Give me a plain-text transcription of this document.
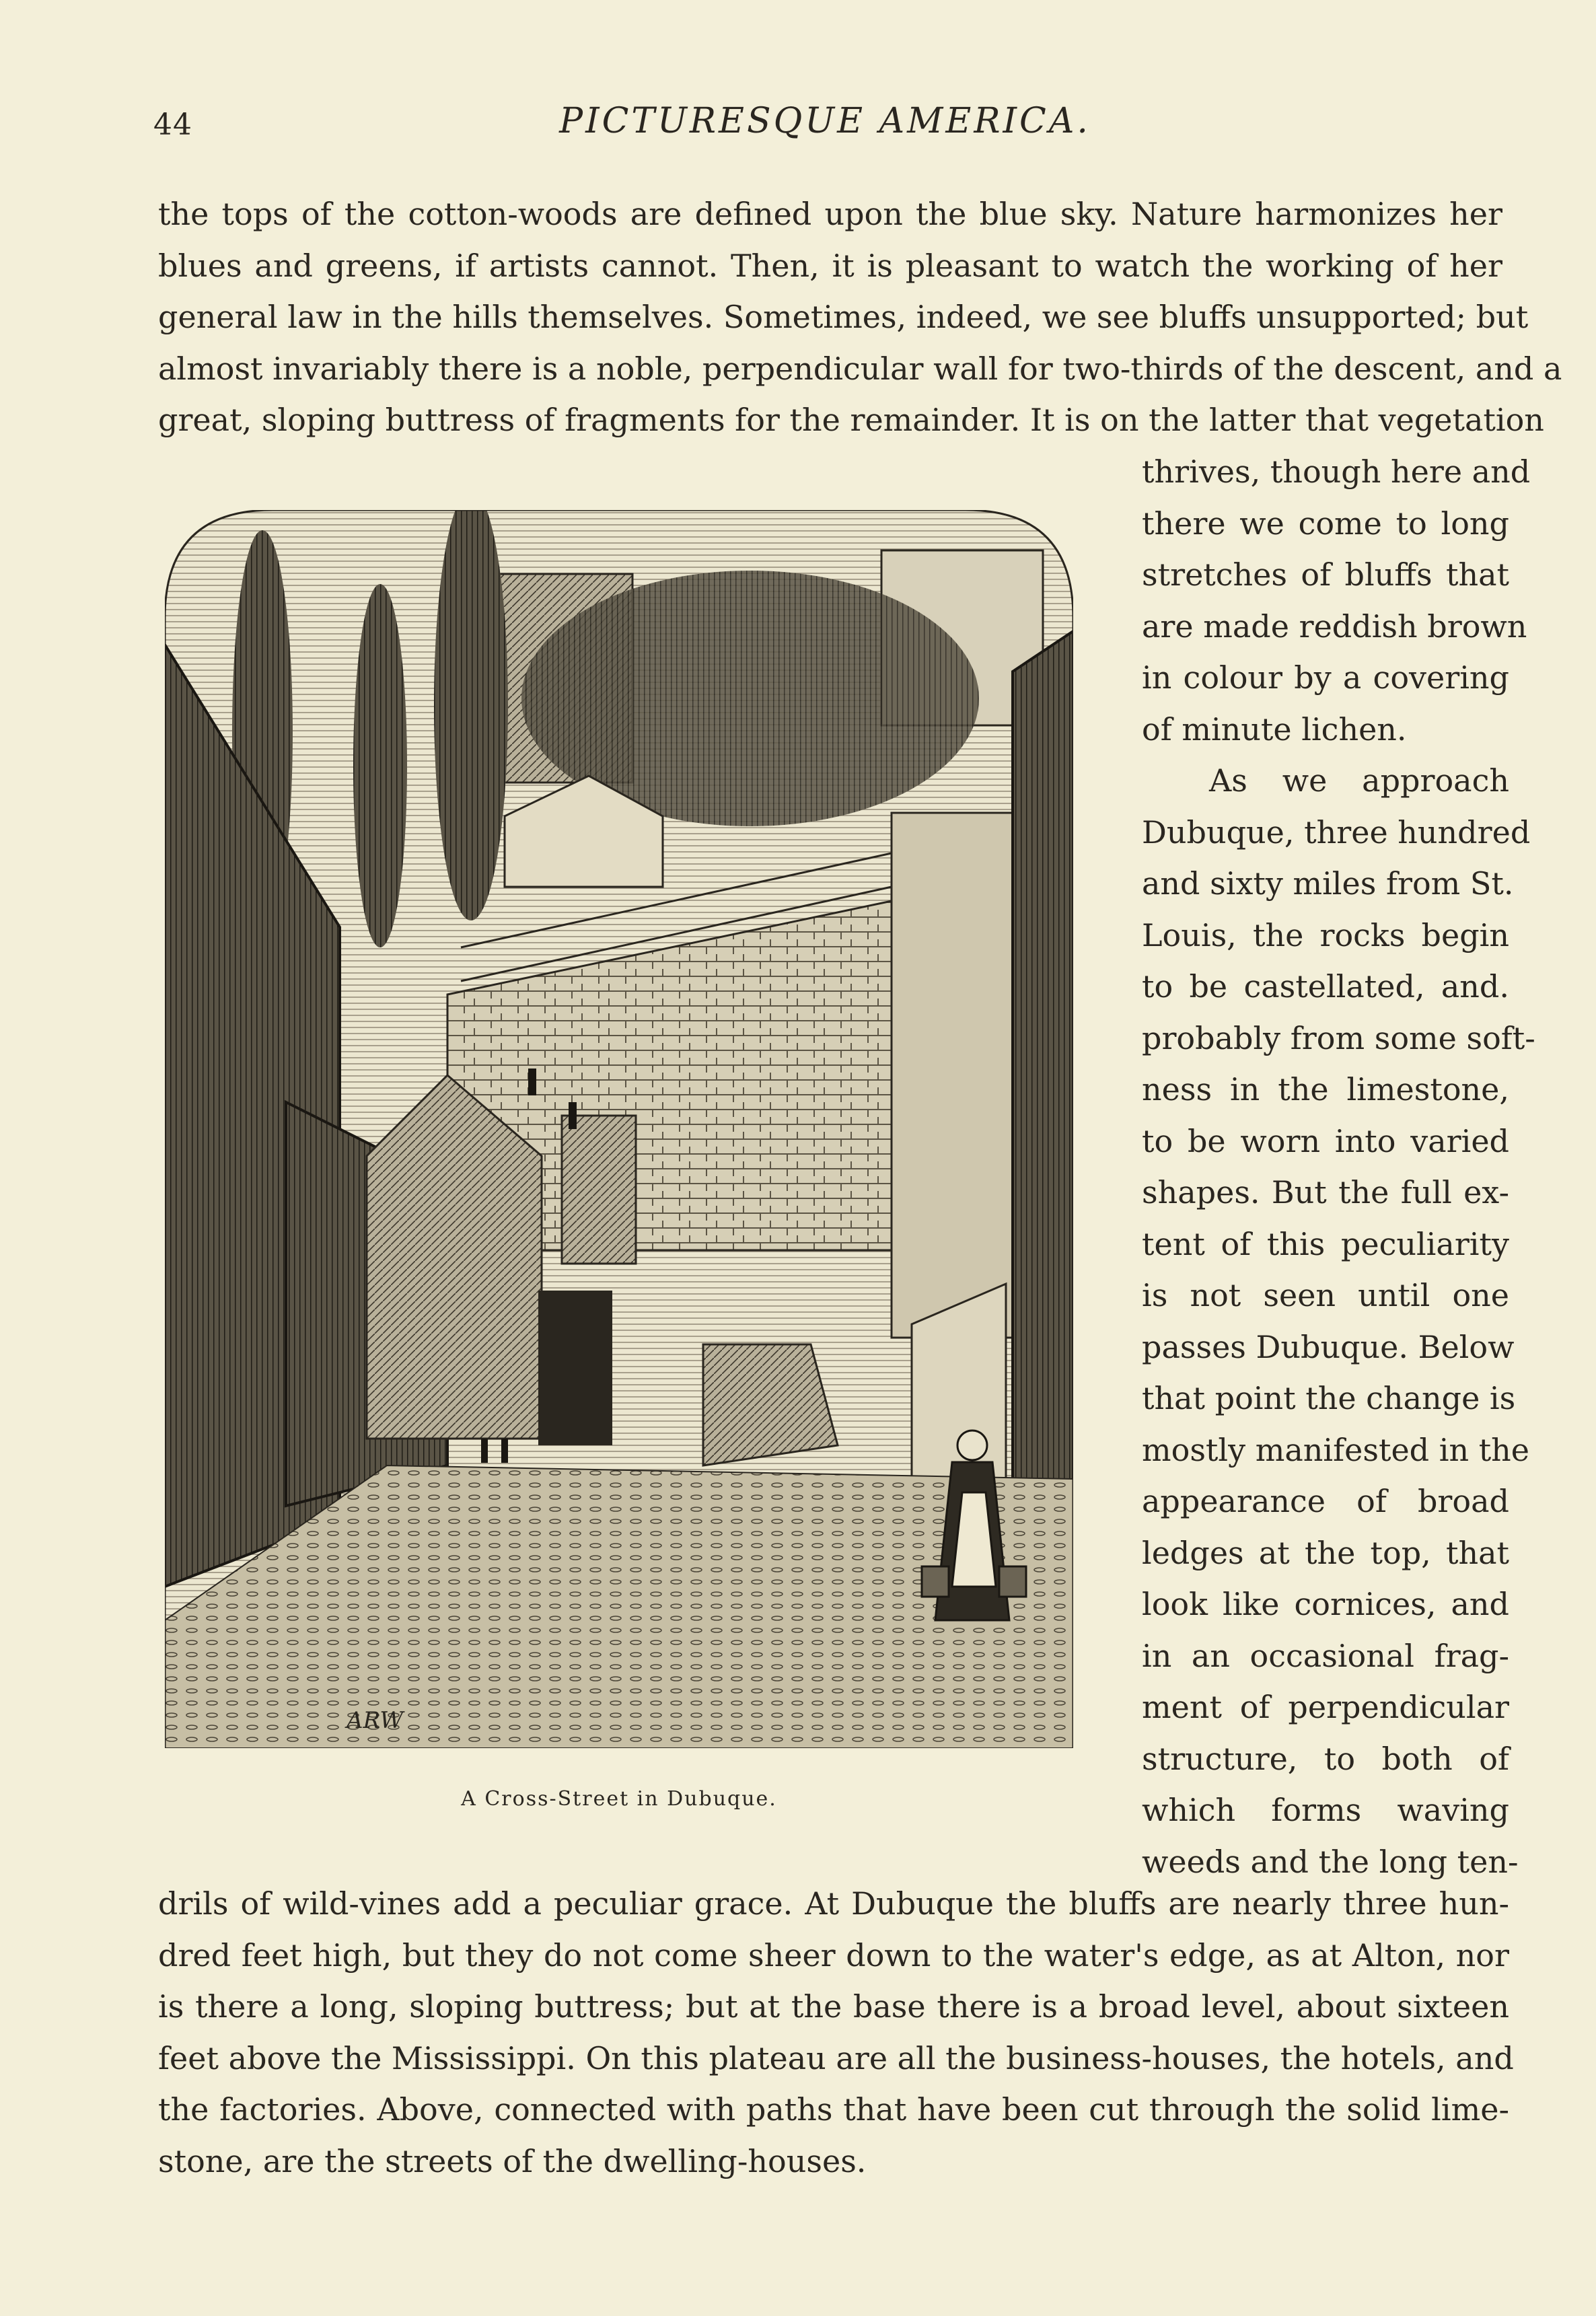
44	PICTURESQUE AMERICA.
the tops of the cotton-woods are defined upon the blue sky. Nature harmonizes her
blues and greens, if artists cannot. Then, it is pleasant to watch the working of her
general law in the hills themselves. Sometimes, indeed, we see bluffs unsupported; but
almost invariably there is a noble, perpendicular wall for two-thirds of the descent, and a
great, sloping buttress of fragments for the remainder. It is on the latter that vegetation
thrives, though here and
there we come to long
stretches of bluffs that
are made reddish brown
in colour by a covering
of minute lichen.
As we approach
Dubuque, three hundred
and sixty miles from St.
Louis, the rocks begin
to be castellated, and.
probably from some soft-
ness in the limestone,
to be worn into varied
shapes. But the full ex-
tent of this peculiarity
is not seen until one
passes Dubuque. Below
that point the change is
mostly manifested in the
appearance of broad
ledges at the top, that
look like cornices, and
in an occasional frag-
ment of perpendicular
structure, to both of
which forms waving
weeds and the long ten-
drils of wild-vines add a peculiar grace. At Dubuque the bluffs are nearly three hun-
dred feet high, but they do not come sheer down to the water's edge, as at Alton, nor
is there a long, sloping buttress; but at the base there is a broad level, about sixteen
feet above the Mississippi. On this plateau are all the business-houses, the hotels, and
the factories. Above, connected with paths that have been cut through the solid lime-
stone, are the streets of the dwelling-houses.
ARW
A Cross-Street in Dubuque.
